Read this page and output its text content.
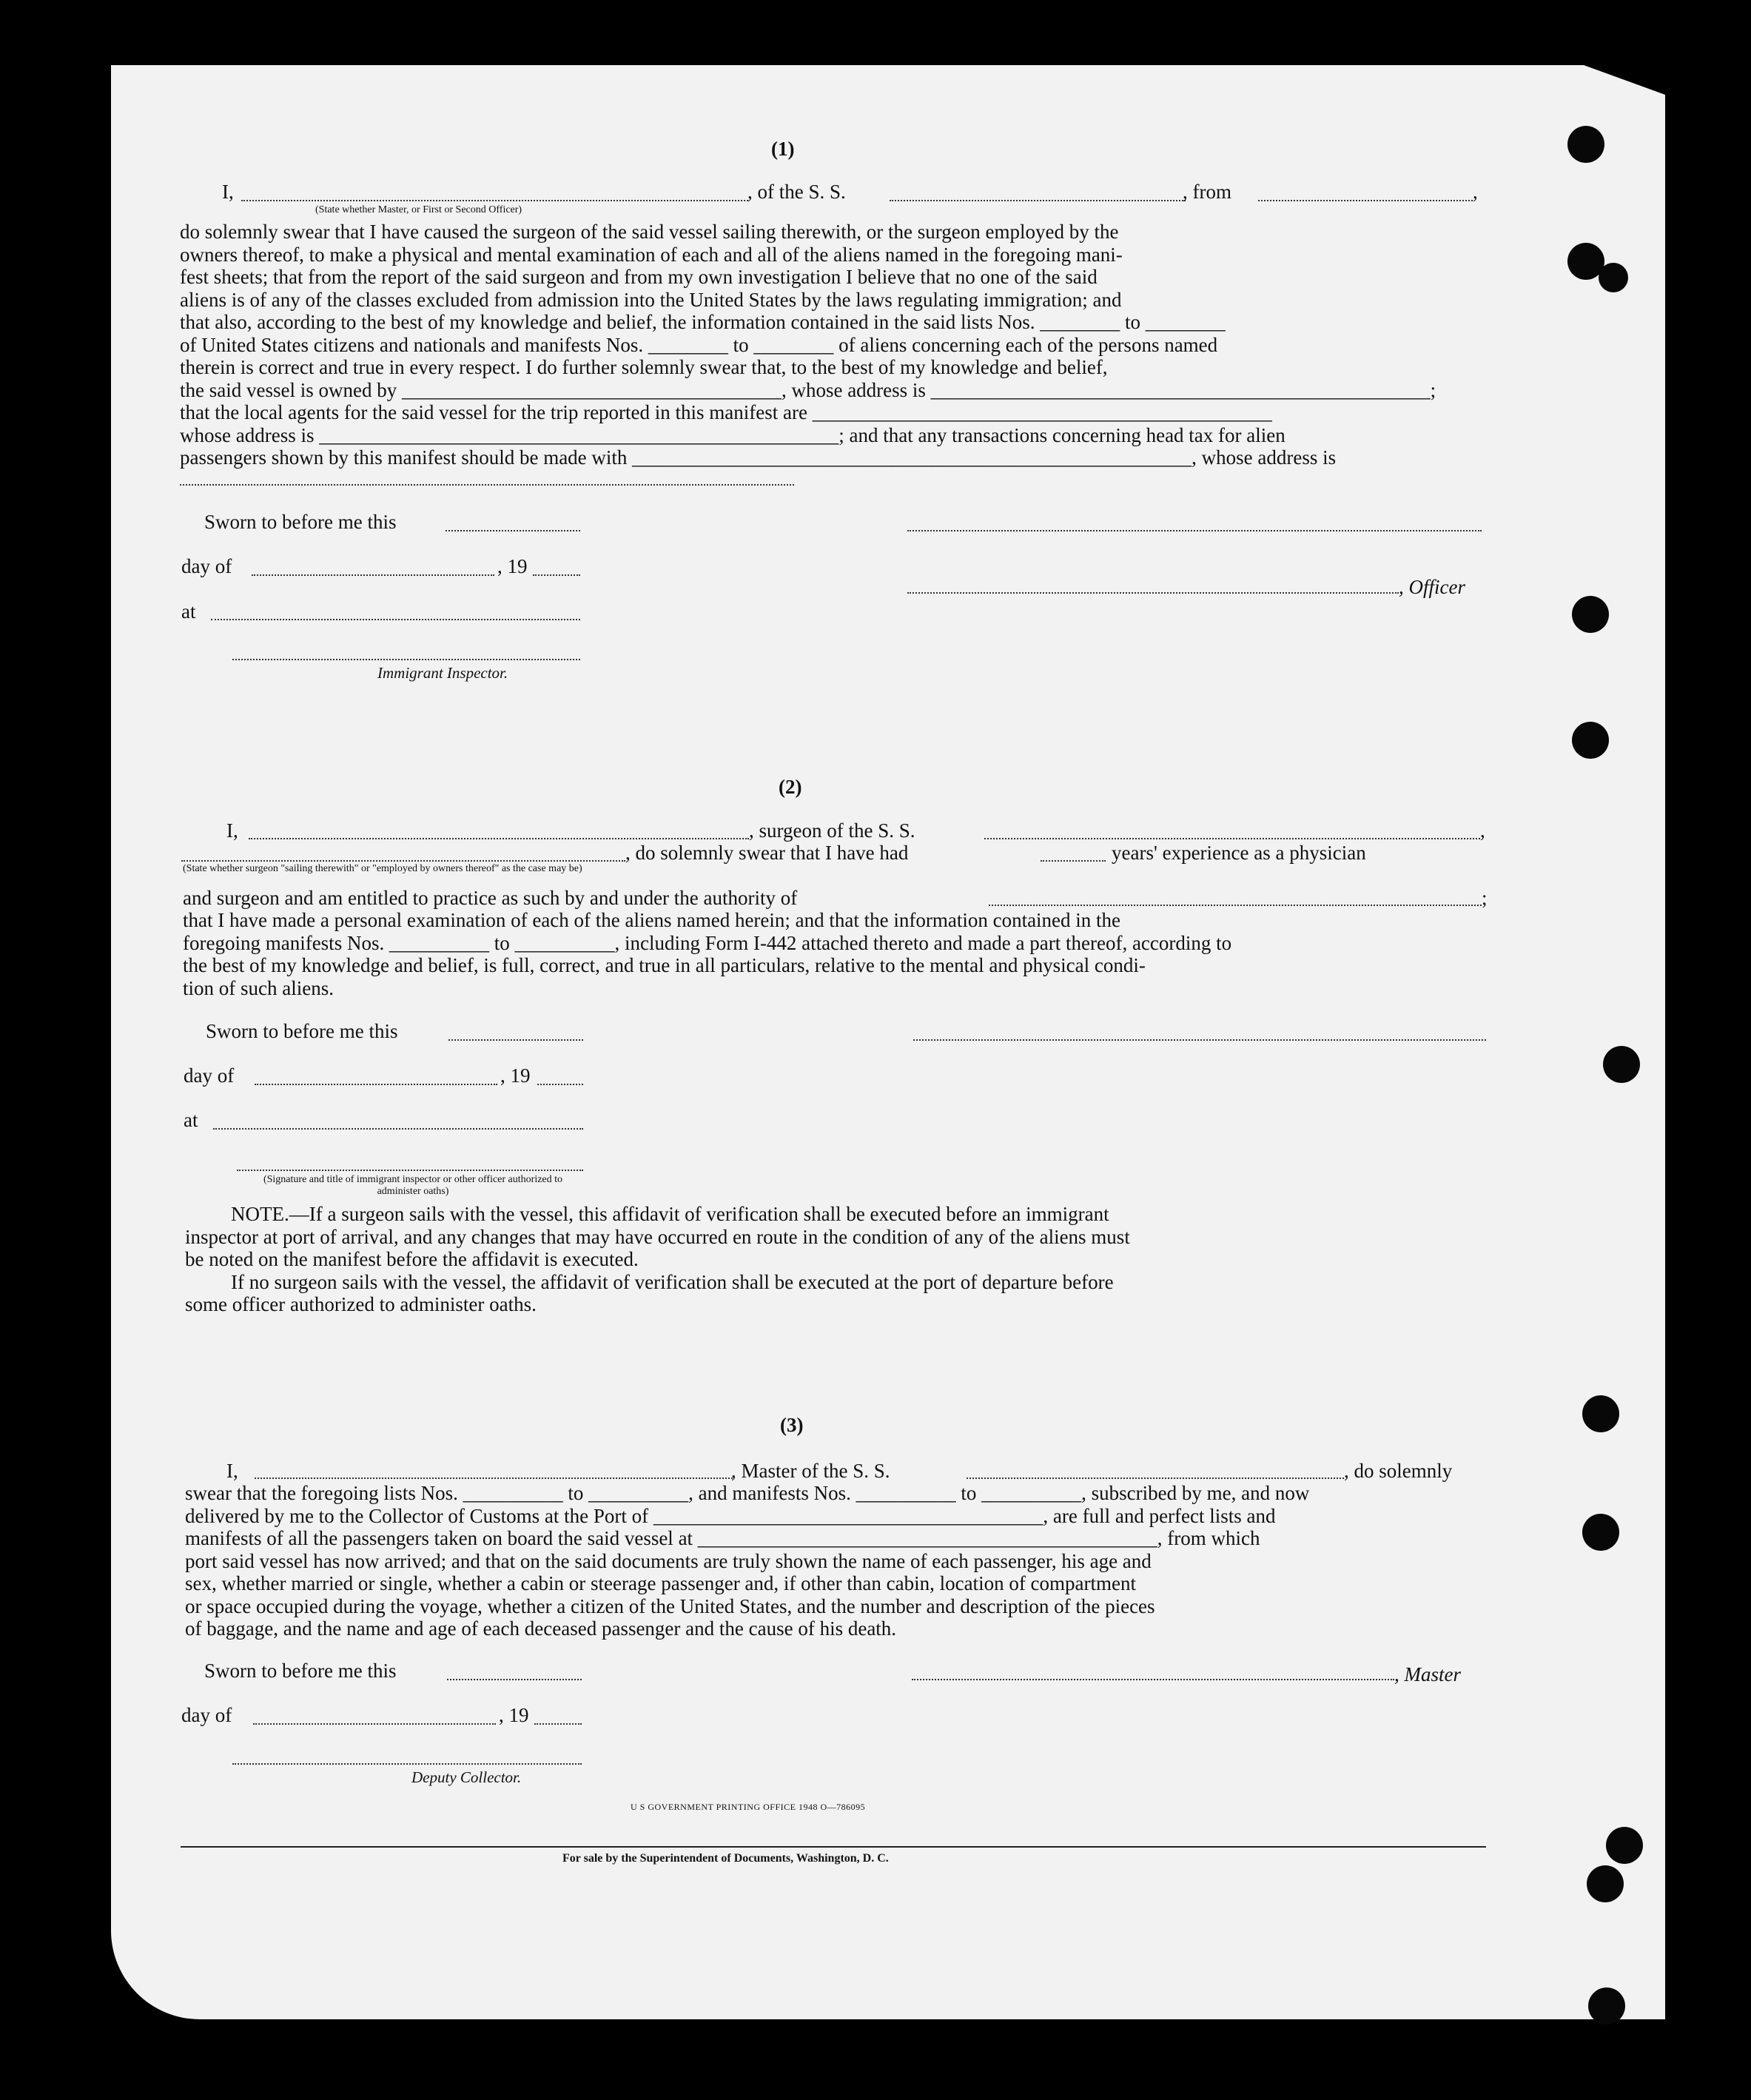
(1)
I,	, of the S. S.	, from	,
(State whether Master, or First or Second Officer)
do solemnly swear that I have caused the surgeon of the said vessel sailing therewith, or the surgeon employed by the
owners thereof, to make a physical and mental examination of each and all of the aliens named in the foregoing mani-
fest sheets; that from the report of the said surgeon and from my own investigation I believe that no one of the said
aliens is of any of the classes excluded from admission into the United States by the laws regulating immigration; and
that also, according to the best of my knowledge and belief, the information contained in the said lists Nos. ________ to ________
of United States citizens and nationals and manifests Nos. ________ to ________ of aliens concerning each of the persons named
therein is correct and true in every respect. I do further solemnly swear that, to the best of my knowledge and belief,
the said vessel is owned by ______________________________________, whose address is __________________________________________________;
that the local agents for the said vessel for the trip reported in this manifest are ______________________________________________
whose address is ____________________________________________________; and that any transactions concerning head tax for alien
passengers shown by this manifest should be made with ________________________________________________________, whose address is
Sworn to before me this
day of	, 19
, Officer
at
Immigrant Inspector.
(2)
I,	, surgeon of the S. S.	,
, do solemnly swear that I have had	years' experience as a physician
(State whether surgeon "sailing therewith" or "employed by owners thereof" as the case may be)
and surgeon and am entitled to practice as such by and under the authority of	;
that I have made a personal examination of each of the aliens named herein; and that the information contained in the
foregoing manifests Nos. __________ to __________, including Form I-442 attached thereto and made a part thereof, according to
the best of my knowledge and belief, is full, correct, and true in all particulars, relative to the mental and physical condi-
tion of such aliens.
Sworn to before me this
day of	, 19
at
(Signature and title of immigrant inspector or other officer authorized to administer oaths)
NOTE.—If a surgeon sails with the vessel, this affidavit of verification shall be executed before an immigrant
inspector at port of arrival, and any changes that may have occurred en route in the condition of any of the aliens must
be noted on the manifest before the affidavit is executed.
If no surgeon sails with the vessel, the affidavit of verification shall be executed at the port of departure before
some officer authorized to administer oaths.
(3)
I,	, Master of the S. S.	, do solemnly
swear that the foregoing lists Nos. __________ to __________, and manifests Nos. __________ to __________, subscribed by me, and now
delivered by me to the Collector of Customs at the Port of _______________________________________, are full and perfect lists and
manifests of all the passengers taken on board the said vessel at ______________________________________________, from which
port said vessel has now arrived; and that on the said documents are truly shown the name of each passenger, his age and
sex, whether married or single, whether a cabin or steerage passenger and, if other than cabin, location of compartment
or space occupied during the voyage, whether a citizen of the United States, and the number and description of the pieces
of baggage, and the name and age of each deceased passenger and the cause of his death.
Sworn to before me this	, Master
day of	, 19
Deputy Collector.
U S GOVERNMENT PRINTING OFFICE 1948 O—786095
For sale by the Superintendent of Documents, Washington, D. C.
